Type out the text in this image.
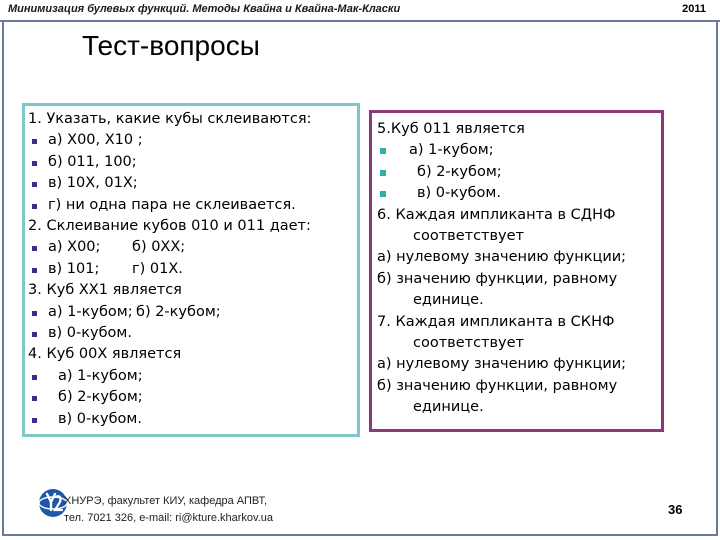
Минимизация булевых функций. Методы Квайна и Квайна-Мак-Класки	2011
Тест-вопросы
1. Указать, какие кубы склеиваются:
а) Х00, Х10 ;
б) 011, 100;
в) 10Х, 01Х;
г) ни одна пара не склеивается.
2. Склеивание кубов 010 и 011 дает:
а) Х00; б) 0ХХ;
в) 101; г) 01Х.
3. Куб ХХ1 является
а) 1-кубом; б) 2-кубом;
в) 0-кубом.
4. Куб 00Х является
а) 1-кубом;
б) 2-кубом;
в) 0-кубом.
5.Куб 011 является
а) 1-кубом;
б) 2-кубом;
в) 0-кубом.
6. Каждая импликанта в СДНФ
соответствует
а) нулевому значению функции;
б) значению функции, равному
единице.
7. Каждая импликанта в СКНФ
соответствует
а) нулевому значению функции;
б) значению функции, равному
единице.
ХНУРЭ, факультет КИУ, кафедра АПВТ,
тел. 7021 326, e-mail: ri@kture.kharkov.ua
36
